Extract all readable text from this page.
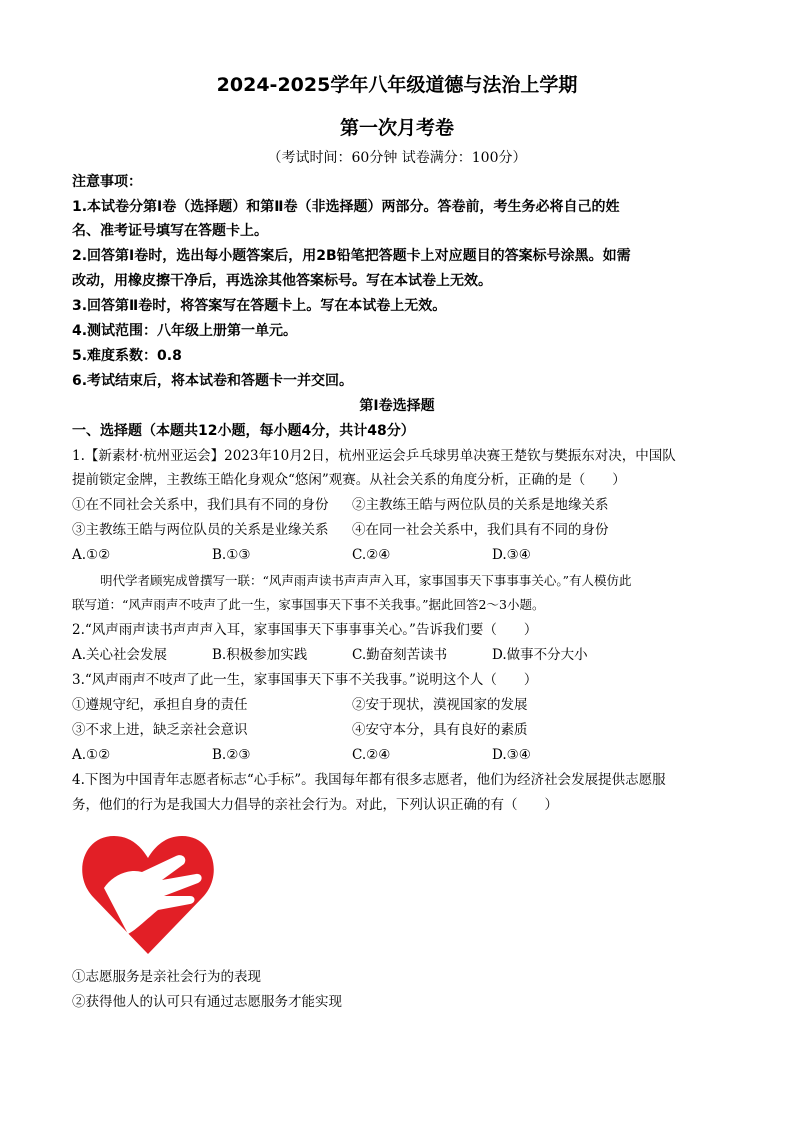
2024-2025学年八年级道德与法治上学期
第一次月考卷
（考试时间：60分钟 试卷满分：100分）
注意事项：
1.本试卷分第Ⅰ卷（选择题）和第Ⅱ卷（非选择题）两部分。答卷前，考生务必将自己的姓
名、准考证号填写在答题卡上。
2.回答第Ⅰ卷时，选出每小题答案后，用2B铅笔把答题卡上对应题目的答案标号涂黑。如需
改动，用橡皮擦干净后，再选涂其他答案标号。写在本试卷上无效。
3.回答第Ⅱ卷时，将答案写在答题卡上。写在本试卷上无效。
4.测试范围：八年级上册第一单元。
5.难度系数：0.8
6.考试结束后，将本试卷和答题卡一并交回。
第Ⅰ卷选择题
一、选择题（本题共12小题，每小题4分，共计48分）
1.【新素材·杭州亚运会】2023年10月2日，杭州亚运会乒乓球男单决赛王楚钦与樊振东对决，中国队
提前锁定金牌，主教练王皓化身观众“悠闲”观赛。从社会关系的角度分析，正确的是（　　）
①在不同社会关系中，我们具有不同的身份 ②主教练王皓与两位队员的关系是地缘关系
③主教练王皓与两位队员的关系是业缘关系 ④在同一社会关系中，我们具有不同的身份
A.①②	B.①③	C.②④	D.③④
明代学者顾宪成曾撰写一联：“风声雨声读书声声声入耳，家事国事天下事事事关心。”有人模仿此
联写道：“风声雨声不吱声了此一生，家事国事天下事不关我事。”据此回答2～3小题。
2.“风声雨声读书声声声入耳，家事国事天下事事事关心。”告诉我们要（　　）
A.关心社会发展	B.积极参加实践	C.勤奋刻苦读书	D.做事不分大小
3.“风声雨声不吱声了此一生，家事国事天下事不关我事。”说明这个人（　　）
①遵规守纪，承担自身的责任	②安于现状，漠视国家的发展
③不求上进，缺乏亲社会意识	④安守本分，具有良好的素质
A.①②	B.②③	C.②④	D.③④
4.下图为中国青年志愿者标志“心手标”。我国每年都有很多志愿者，他们为经济社会发展提供志愿服
务，他们的行为是我国大力倡导的亲社会行为。对此，下列认识正确的有（　　）
①志愿服务是亲社会行为的表现
②获得他人的认可只有通过志愿服务才能实现
